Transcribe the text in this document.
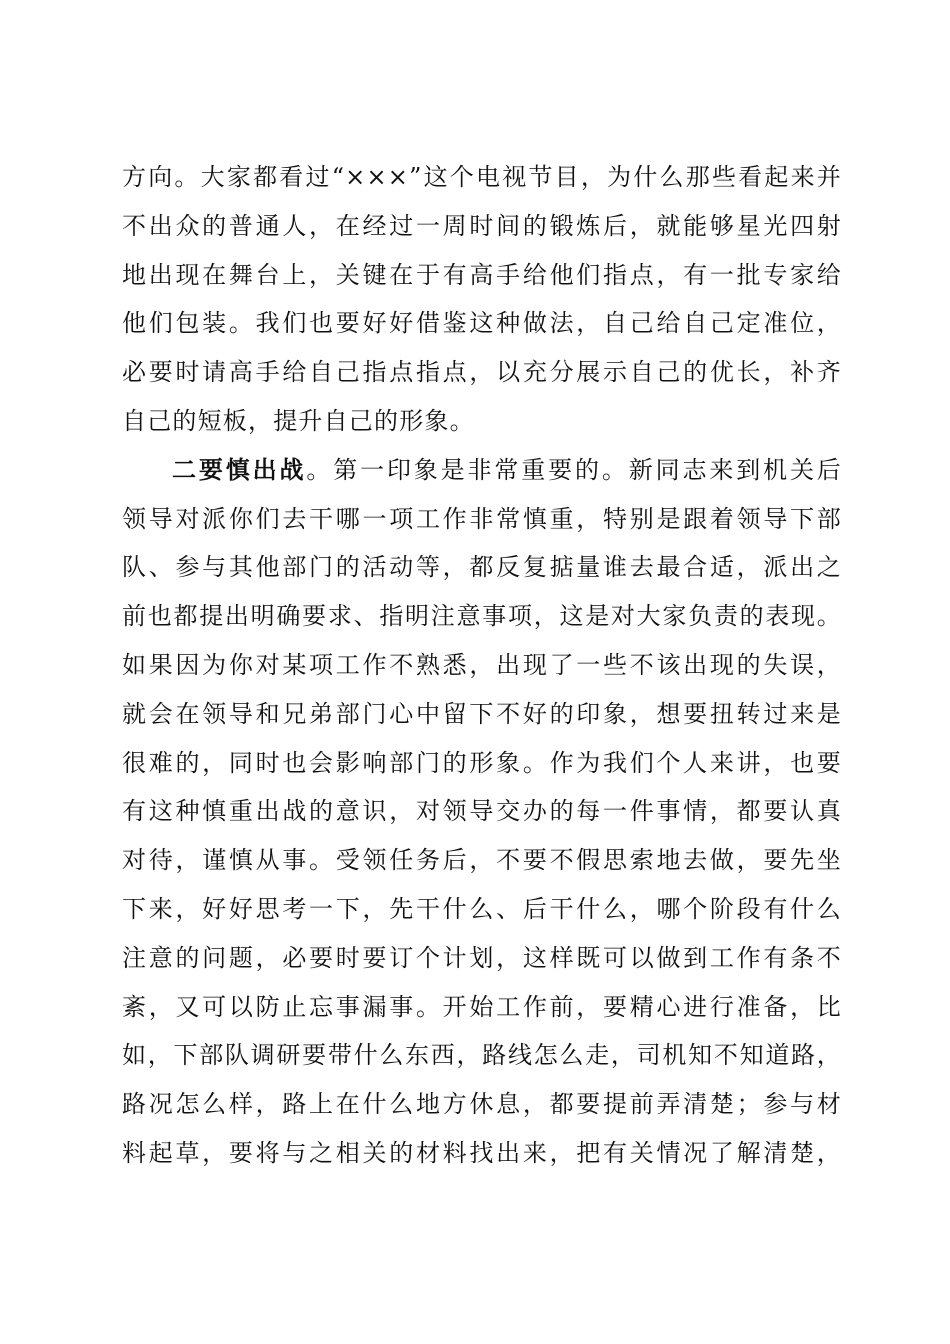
方向。大家都看过“×××”这个电视节目，为什么那些看起来并
不出众的普通人，在经过一周时间的锻炼后，就能够星光四射
地出现在舞台上，关键在于有高手给他们指点，有一批专家给
他们包装。我们也要好好借鉴这种做法，自己给自己定准位，
必要时请高手给自己指点指点，以充分展示自己的优长，补齐
自己的短板，提升自己的形象。
二要慎出战。第一印象是非常重要的。新同志来到机关后
领导对派你们去干哪一项工作非常慎重，特别是跟着领导下部
队、参与其他部门的活动等，都反复掂量谁去最合适，派出之
前也都提出明确要求、指明注意事项，这是对大家负责的表现。
如果因为你对某项工作不熟悉，出现了一些不该出现的失误，
就会在领导和兄弟部门心中留下不好的印象，想要扭转过来是
很难的，同时也会影响部门的形象。作为我们个人来讲，也要
有这种慎重出战的意识，对领导交办的每一件事情，都要认真
对待，谨慎从事。受领任务后，不要不假思索地去做，要先坐
下来，好好思考一下，先干什么、后干什么，哪个阶段有什么
注意的问题，必要时要订个计划，这样既可以做到工作有条不
紊，又可以防止忘事漏事。开始工作前，要精心进行准备，比
如，下部队调研要带什么东西，路线怎么走，司机知不知道路，
路况怎么样，路上在什么地方休息，都要提前弄清楚；参与材
料起草，要将与之相关的材料找出来，把有关情况了解清楚，
